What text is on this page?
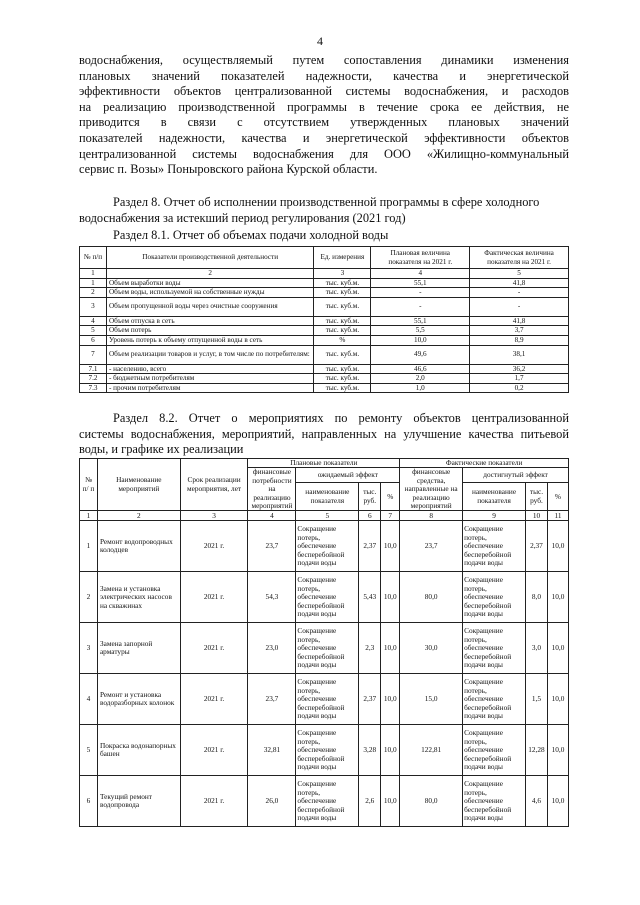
4
водоснабжения, осуществляемый путем сопоставления динамики изменения
плановых значений показателей надежности, качества и энергетической
эффективности объектов централизованной системы водоснабжения, и расходов
на реализацию производственной программы в течение срока ее действия, не
приводится в связи с отсутствием утвержденных плановых значений
показателей надежности, качества и энергетической эффективности объектов
централизованной системы водоснабжения для ООО «Жилищно-коммунальный
сервис п. Возы» Поныровского района Курской области.
Раздел 8. Отчет об исполнении производственной программы в сфере холодного
водоснабжения за истекший период регулирования (2021 год)
Раздел 8.1. Отчет об объемах подачи холодной воды
№ п/п	Показатели производственной деятельности	Ед. измерения	Плановая величина показателя на 2021 г.	Фактическая величина показателя на 2021 г.
1	2	3	4	5
1	Объем выработки воды	тыс. куб.м.	55,1	41,8
2	Объем воды, используемой на собственные нужды	тыс. куб.м.	-	-
3	Объем пропущенной воды через очистные сооружения	тыс. куб.м.	-	-
4	Объем отпуска в сеть	тыс. куб.м.	55,1	41,8
5	Объем потерь	тыс. куб.м.	5,5	3,7
6	Уровень потерь к объему отпущенной воды в сеть	%	10,0	8,9
7	Объем реализации товаров и услуг, в том числе по потребителям:	тыс. куб.м.	49,6	38,1
7.1	- населению, всего	тыс. куб.м.	46,6	36,2
7.2	- бюджетным потребителям	тыс. куб.м.	2,0	1,7
7.3	- прочим потребителям	тыс. куб.м.	1,0	0,2
Раздел 8.2. Отчет о мероприятиях по ремонту объектов централизованной
системы водоснабжения, мероприятий, направленных на улучшение качества питьевой
воды, и графике их реализации
№ п/ п	Наименование мероприятий	Срок реализации мероприятия, лет	Плановые показатели				Фактические показатели			
			финансовые потребности на реализацию мероприятий	ожидаемый эффект			финансовые средства, направленные на реализацию мероприятий	достигнутый эффект		
				наименование показателя	тыс. руб.	%		наименование показателя	тыс. руб.	%
1	2	3	4	5	6	7	8	9	10	11
1	Ремонт водопроводных колодцев	2021 г.	23,7	Сокращение потерь, обеспечение бесперебойной подачи воды	2,37	10,0	23,7	Сокращение потерь, обеспечение бесперебойной подачи воды	2,37	10,0
2	Замена и установка электрических насосов на скважинах	2021 г.	54,3	Сокращение потерь, обеспечение бесперебойной подачи воды	5,43	10,0	80,0	Сокращение потерь, обеспечение бесперебойной подачи воды	8,0	10,0
3	Замена запорной арматуры	2021 г.	23,0	Сокращение потерь, обеспечение бесперебойной подачи воды	2,3	10,0	30,0	Сокращение потерь, обеспечение бесперебойной подачи воды	3,0	10,0
4	Ремонт и установка водоразборных колонок	2021 г.	23,7	Сокращение потерь, обеспечение бесперебойной подачи воды	2,37	10,0	15,0	Сокращение потерь, обеспечение бесперебойной подачи воды	1,5	10,0
5	Покраска водонапорных башен	2021 г.	32,81	Сокращение потерь, обеспечение бесперебойной подачи воды	3,28	10,0	122,81	Сокращение потерь, обеспечение бесперебойной подачи воды	12,28	10,0
6	Текущий ремонт водопровода	2021 г.	26,0	Сокращение потерь, обеспечение бесперебойной подачи воды	2,6	10,0	80,0	Сокращение потерь, обеспечение бесперебойной подачи воды	4,6	10,0
